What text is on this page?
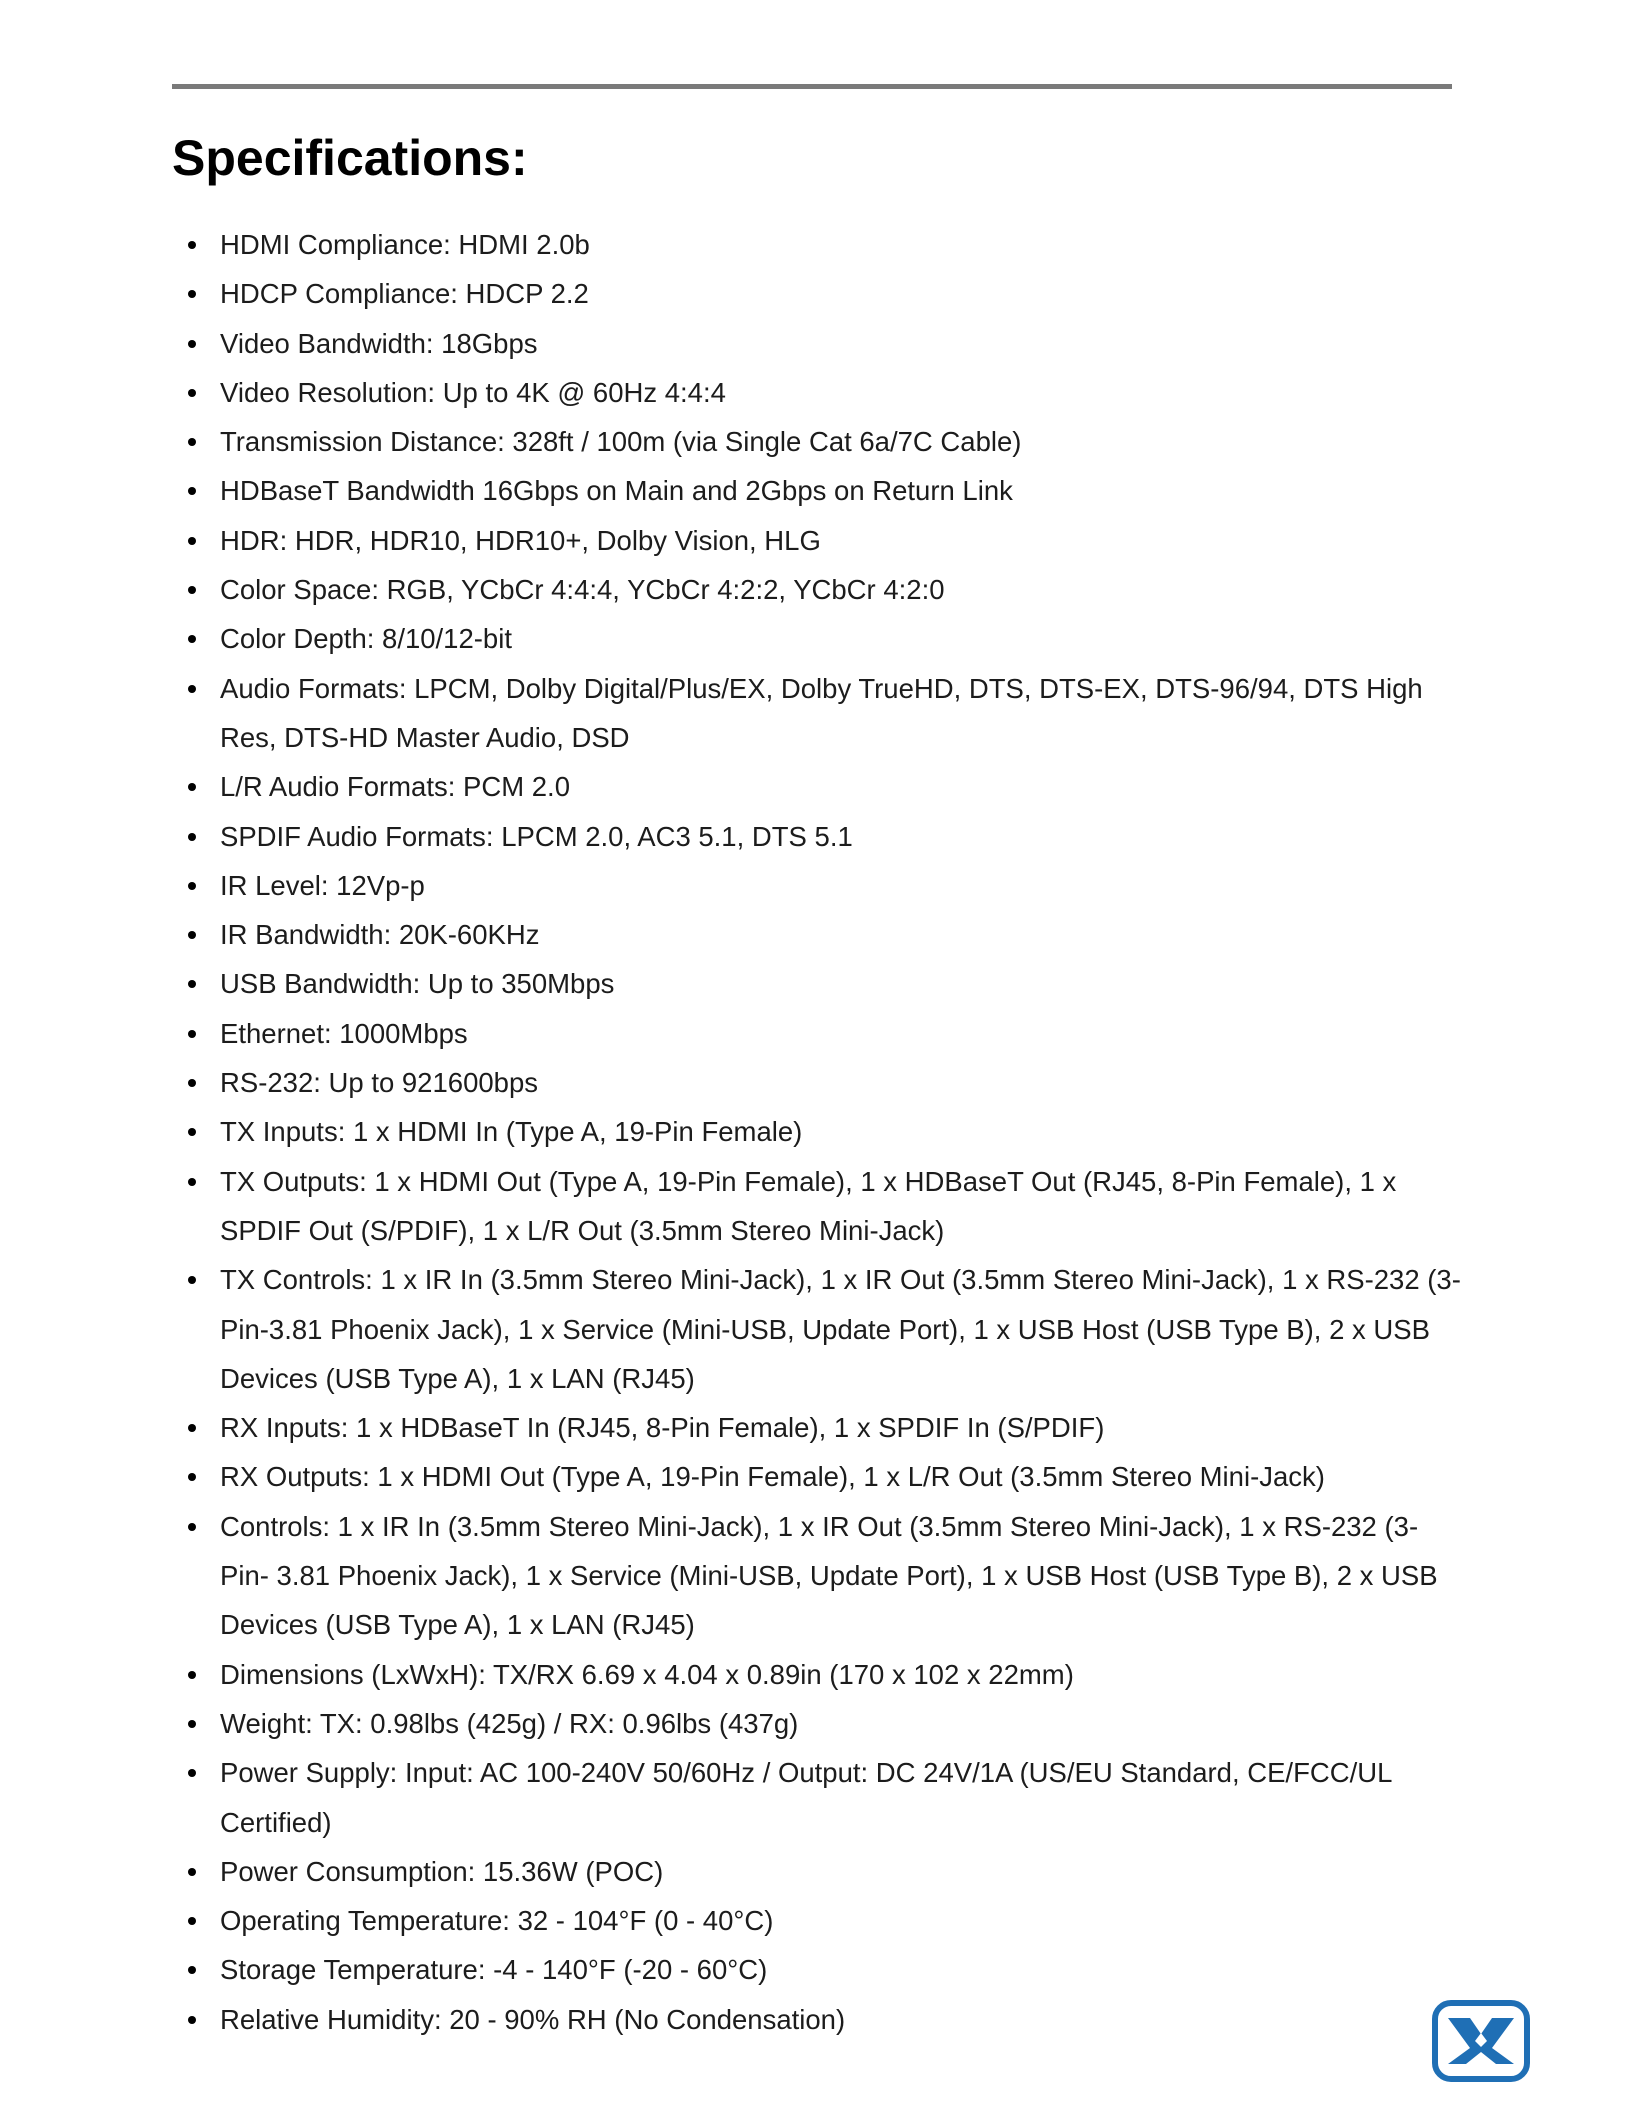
Specifications:
HDMI Compliance: HDMI 2.0b
HDCP Compliance: HDCP 2.2
Video Bandwidth: 18Gbps
Video Resolution: Up to 4K @ 60Hz 4:4:4
Transmission Distance: 328ft / 100m (via Single Cat 6a/7C Cable)
HDBaseT Bandwidth 16Gbps on Main and 2Gbps on Return Link
HDR: HDR, HDR10, HDR10+, Dolby Vision, HLG
Color Space: RGB, YCbCr 4:4:4, YCbCr 4:2:2, YCbCr 4:2:0
Color Depth: 8/10/12-bit
Audio Formats: LPCM, Dolby Digital/Plus/EX, Dolby TrueHD, DTS, DTS-EX, DTS-96/94, DTS High Res, DTS-HD Master Audio, DSD
L/R Audio Formats: PCM 2.0
SPDIF Audio Formats: LPCM 2.0, AC3 5.1, DTS 5.1
IR Level: 12Vp-p
IR Bandwidth: 20K-60KHz
USB Bandwidth: Up to 350Mbps
Ethernet: 1000Mbps
RS-232: Up to 921600bps
TX Inputs: 1 x HDMI In (Type A, 19-Pin Female)
TX Outputs: 1 x HDMI Out (Type A, 19-Pin Female), 1 x HDBaseT Out (RJ45, 8-Pin Female), 1 x SPDIF Out (S/PDIF), 1 x L/R Out (3.5mm Stereo Mini-Jack)
TX Controls: 1 x IR In (3.5mm Stereo Mini-Jack), 1 x IR Out (3.5mm Stereo Mini-Jack), 1 x RS-232 (3-Pin-3.81 Phoenix Jack), 1 x Service (Mini-USB, Update Port), 1 x USB Host (USB Type B), 2 x USB Devices (USB Type A), 1 x LAN (RJ45)
RX Inputs: 1 x HDBaseT In (RJ45, 8-Pin Female), 1 x SPDIF In (S/PDIF)
RX Outputs: 1 x HDMI Out (Type A, 19-Pin Female), 1 x L/R Out (3.5mm Stereo Mini-Jack)
Controls: 1 x IR In (3.5mm Stereo Mini-Jack), 1 x IR Out (3.5mm Stereo Mini-Jack), 1 x RS-232 (3-Pin- 3.81 Phoenix Jack), 1 x Service (Mini-USB, Update Port), 1 x USB Host (USB Type B), 2 x USB Devices (USB Type A), 1 x LAN (RJ45)
Dimensions (LxWxH): TX/RX 6.69 x 4.04 x 0.89in (170 x 102 x 22mm)
Weight: TX: 0.98lbs (425g) / RX: 0.96lbs (437g)
Power Supply: Input: AC 100-240V 50/60Hz / Output: DC 24V/1A (US/EU Standard, CE/FCC/UL Certified)
Power Consumption: 15.36W (POC)
Operating Temperature: 32 - 104°F (0 - 40°C)
Storage Temperature: -4 - 140°F (-20 - 60°C)
Relative Humidity: 20 - 90% RH (No Condensation)
